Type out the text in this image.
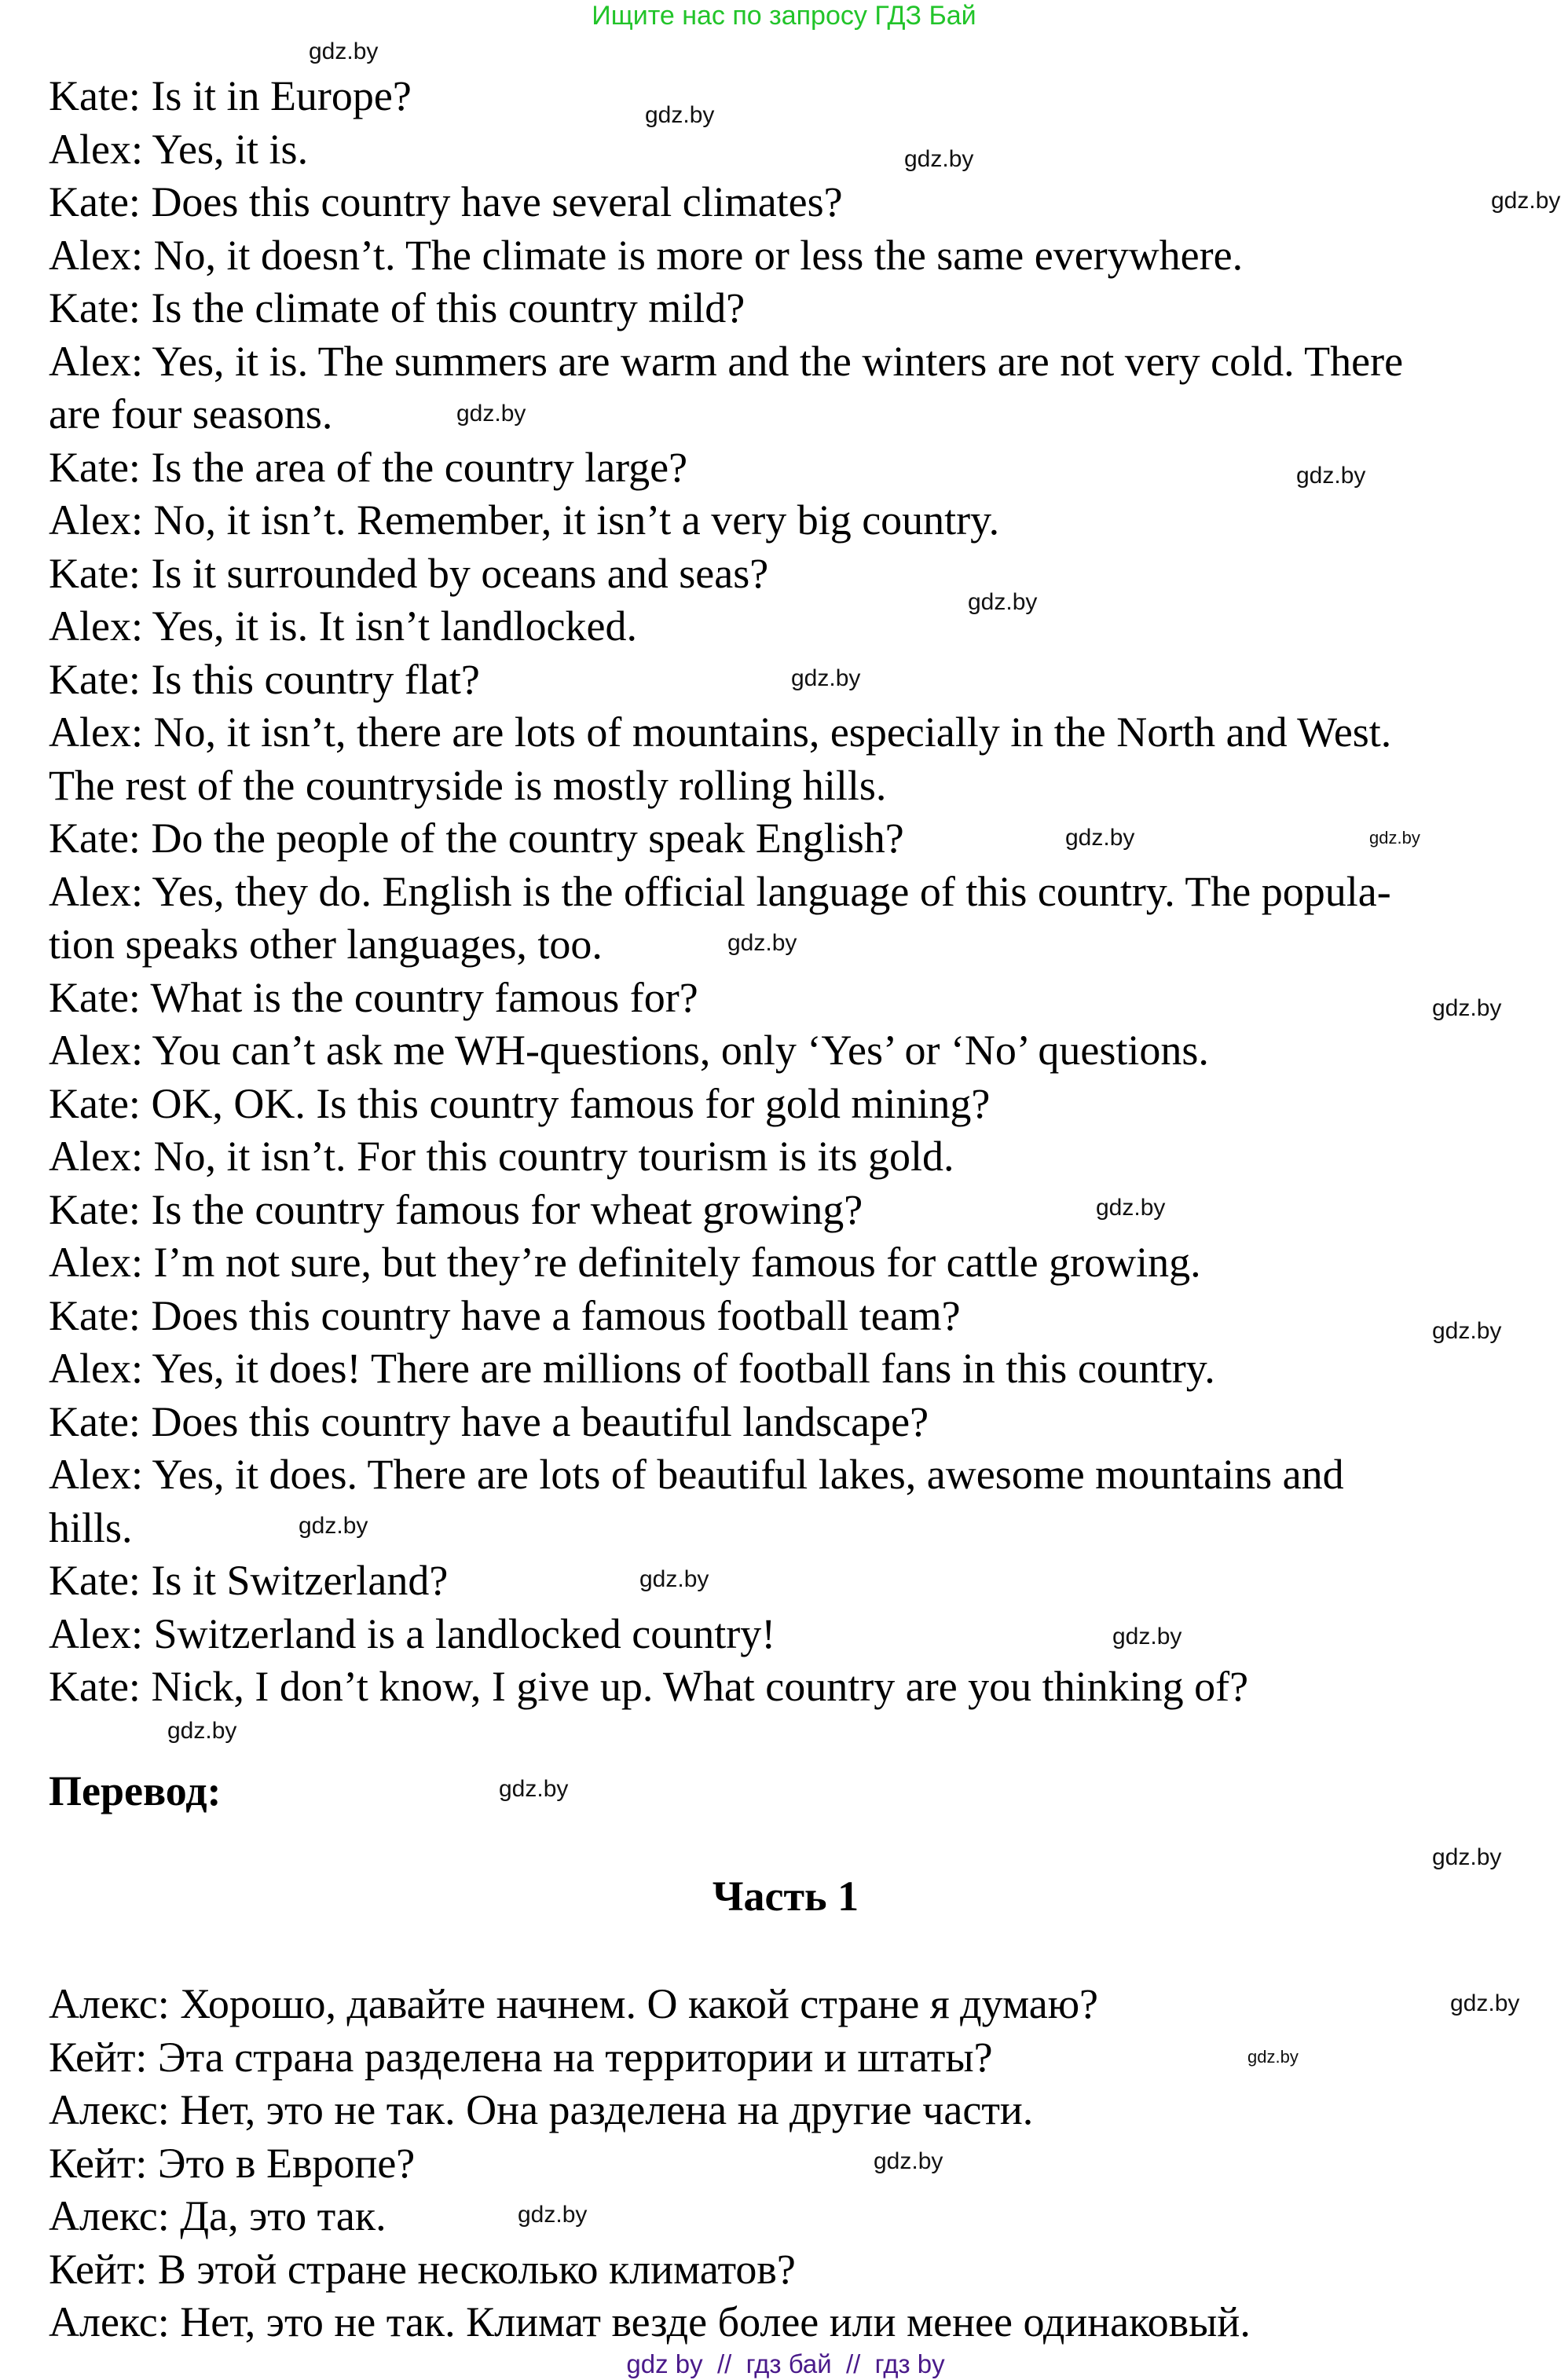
Ищите нас по запросу ГДЗ Бай
Kate: Is it in Europe?
Alex: Yes, it is.
Kate: Does this country have several climates?
Alex: No, it doesn’t. The climate is more or less the same everywhere.
Kate: Is the climate of this country mild?
Alex: Yes, it is. The summers are warm and the winters are not very cold. There
are four seasons.
Kate: Is the area of the country large?
Alex: No, it isn’t. Remember, it isn’t a very big country.
Kate: Is it surrounded by oceans and seas?
Alex: Yes, it is. It isn’t landlocked.
Kate: Is this country flat?
Alex: No, it isn’t, there are lots of mountains, especially in the North and West.
The rest of the countryside is mostly rolling hills.
Kate: Do the people of the country speak English?
Alex: Yes, they do. English is the official language of this country. The popula-
tion speaks other languages, too.
Kate: What is the country famous for?
Alex: You can’t ask me WH-questions, only ‘Yes’ or ‘No’ questions.
Kate: OK, OK. Is this country famous for gold mining?
Alex: No, it isn’t. For this country tourism is its gold.
Kate: Is the country famous for wheat growing?
Alex: I’m not sure, but they’re definitely famous for cattle growing.
Kate: Does this country have a famous football team?
Alex: Yes, it does! There are millions of football fans in this country.
Kate: Does this country have a beautiful landscape?
Alex: Yes, it does. There are lots of beautiful lakes, awesome mountains and
hills.
Kate: Is it Switzerland?
Alex: Switzerland is a landlocked country!
Kate: Nick, I don’t know, I give up. What country are you thinking of?
Алекс: Хорошо, давайте начнем. О какой стране я думаю?
Кейт: Эта страна разделена на территории и штаты?
Алекс: Нет, это не так. Она разделена на другие части.
Кейт: Это в Европе?
Алекс: Да, это так.
Кейт: В этой стране несколько климатов?
Алекс: Нет, это не так. Климат везде более или менее одинаковый.
gdz.by
gdz.by
gdz.by
gdz.by
gdz.by
gdz.by
gdz.by
gdz.by
gdz.by	gdz.by
gdz.by
gdz.by
gdz.by
gdz.by
gdz.by
gdz.by
gdz.by
gdz.by
gdz.by
gdz.by
gdz.by
gdz.by
gdz.by
gdz.by
Перевод:
Часть 1
gdz by  //  гдз бай  //  гдз by
